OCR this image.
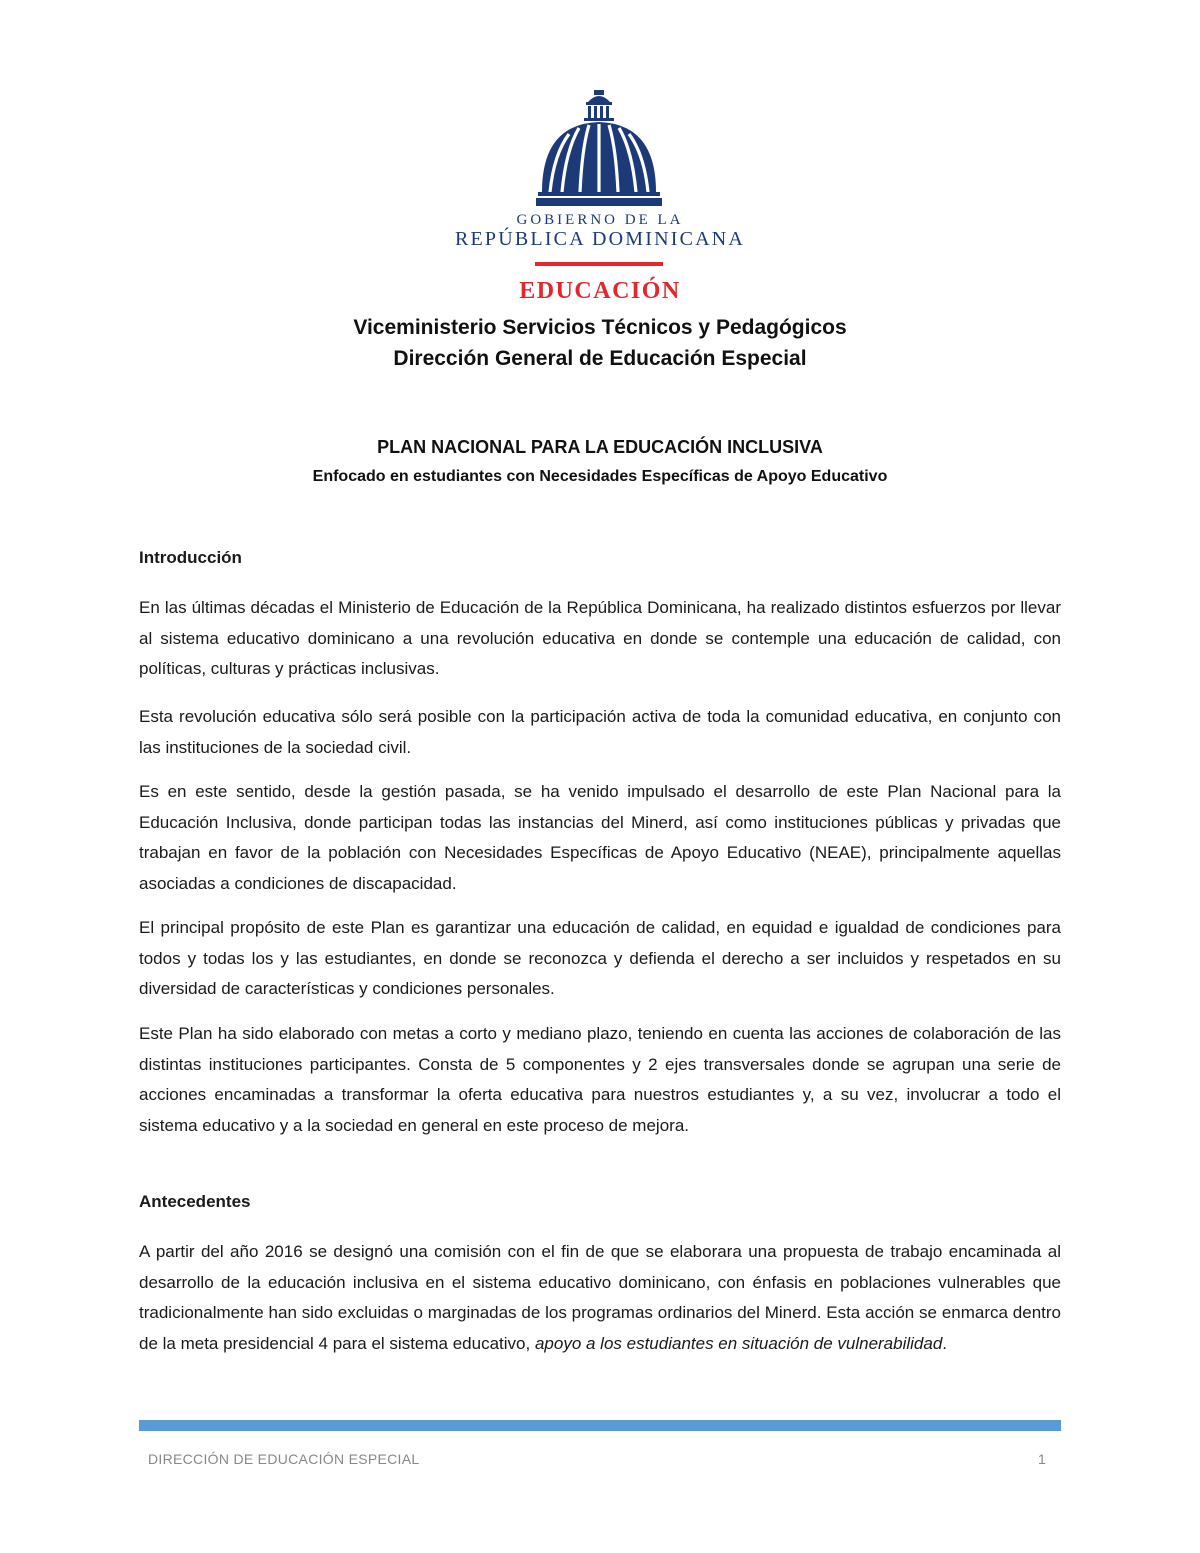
GOBIERNO DE LA
REPÚBLICA DOMINICANA
EDUCACIÓN
Viceministerio Servicios Técnicos y Pedagógicos
Dirección General de Educación Especial
PLAN NACIONAL PARA LA EDUCACIÓN INCLUSIVA
Enfocado en estudiantes con Necesidades Específicas de Apoyo Educativo
Introducción

En las últimas décadas el Ministerio de Educación de la República Dominicana, ha realizado distintos esfuerzos por llevar al sistema educativo dominicano a una revolución educativa en donde se contemple una educación de calidad, con políticas, culturas y prácticas inclusivas.

Esta revolución educativa sólo será posible con la participación activa de toda la comunidad educativa, en conjunto con las instituciones de la sociedad civil.

Es en este sentido, desde la gestión pasada, se ha venido impulsado el desarrollo de este Plan Nacional para la Educación Inclusiva, donde participan todas las instancias del Minerd, así como instituciones públicas y privadas que trabajan en favor de la población con Necesidades Específicas de Apoyo Educativo (NEAE), principalmente aquellas asociadas a condiciones de discapacidad.

El principal propósito de este Plan es garantizar una educación de calidad, en equidad e igualdad de condiciones para todos y todas los y las estudiantes, en donde se reconozca y defienda el derecho a ser incluidos y respetados en su diversidad de características y condiciones personales.

Este Plan ha sido elaborado con metas a corto y mediano plazo, teniendo en cuenta las acciones de colaboración de las distintas instituciones participantes. Consta de 5 componentes y 2 ejes transversales donde se agrupan una serie de acciones encaminadas a transformar la oferta educativa para nuestros estudiantes y, a su vez, involucrar a todo el sistema educativo y a la sociedad en general en este proceso de mejora.

Antecedentes

A partir del año 2016 se designó una comisión con el fin de que se elaborara una propuesta de trabajo encaminada al desarrollo de la educación inclusiva en el sistema educativo dominicano, con énfasis en poblaciones vulnerables que tradicionalmente han sido excluidas o marginadas de los programas ordinarios del Minerd. Esta acción se enmarca dentro de la meta presidencial 4 para el sistema educativo, apoyo a los estudiantes en situación de vulnerabilidad.

DIRECCIÓN DE EDUCACIÓN ESPECIAL	1
